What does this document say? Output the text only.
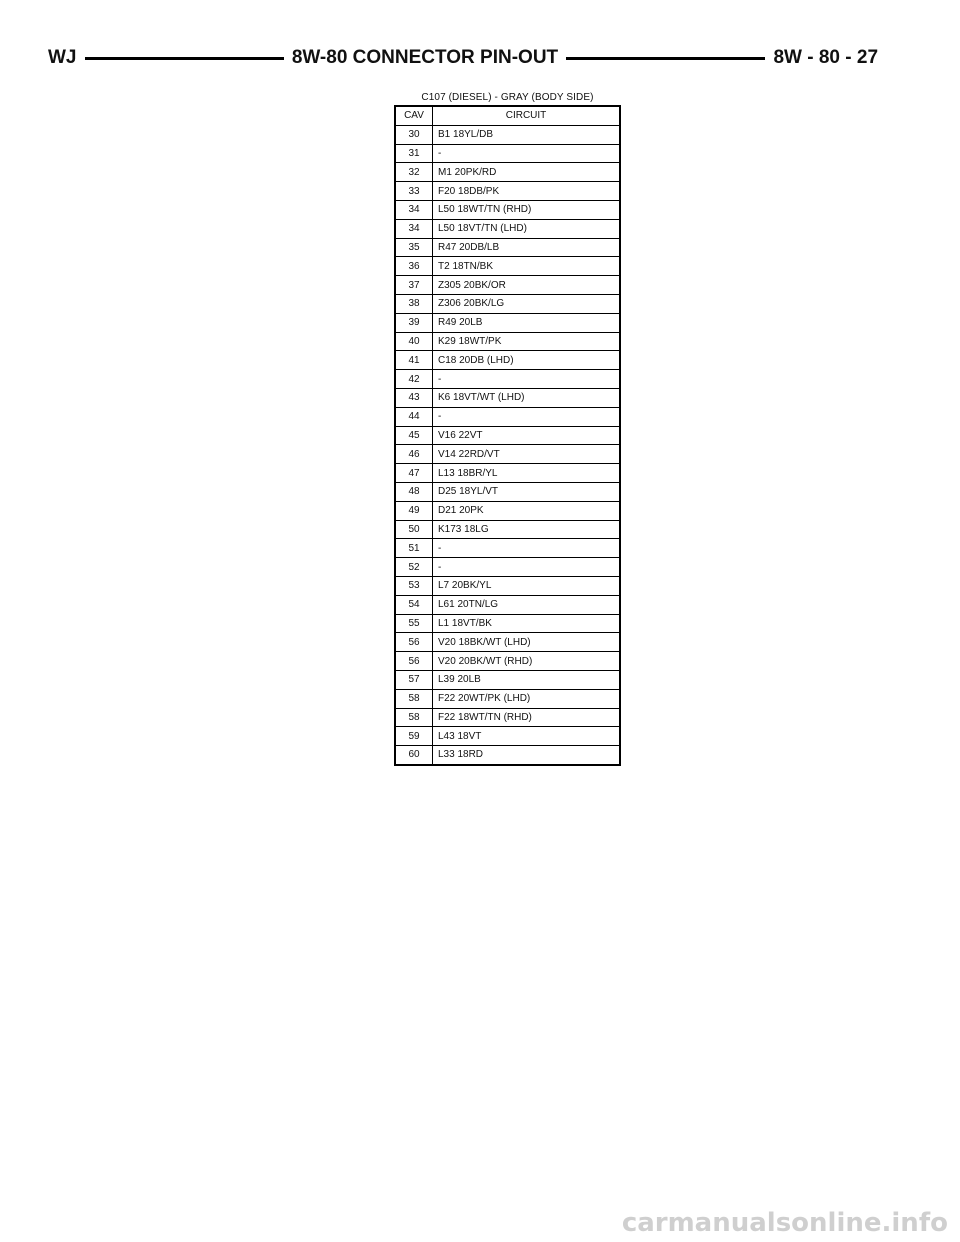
WJ	8W-80 CONNECTOR PIN-OUT	8W - 80 - 27
C107 (DIESEL) - GRAY (BODY SIDE)
CAV	CIRCUIT
30	B1 18YL/DB
31	-
32	M1 20PK/RD
33	F20 18DB/PK
34	L50 18WT/TN (RHD)
34	L50 18VT/TN (LHD)
35	R47 20DB/LB
36	T2 18TN/BK
37	Z305 20BK/OR
38	Z306 20BK/LG
39	R49 20LB
40	K29 18WT/PK
41	C18 20DB (LHD)
42	-
43	K6 18VT/WT (LHD)
44	-
45	V16 22VT
46	V14 22RD/VT
47	L13 18BR/YL
48	D25 18YL/VT
49	D21 20PK
50	K173 18LG
51	-
52	-
53	L7 20BK/YL
54	L61 20TN/LG
55	L1 18VT/BK
56	V20 18BK/WT (LHD)
56	V20 20BK/WT (RHD)
57	L39 20LB
58	F22 20WT/PK (LHD)
58	F22 18WT/TN (RHD)
59	L43 18VT
60	L33 18RD
carmanualsonline.info
